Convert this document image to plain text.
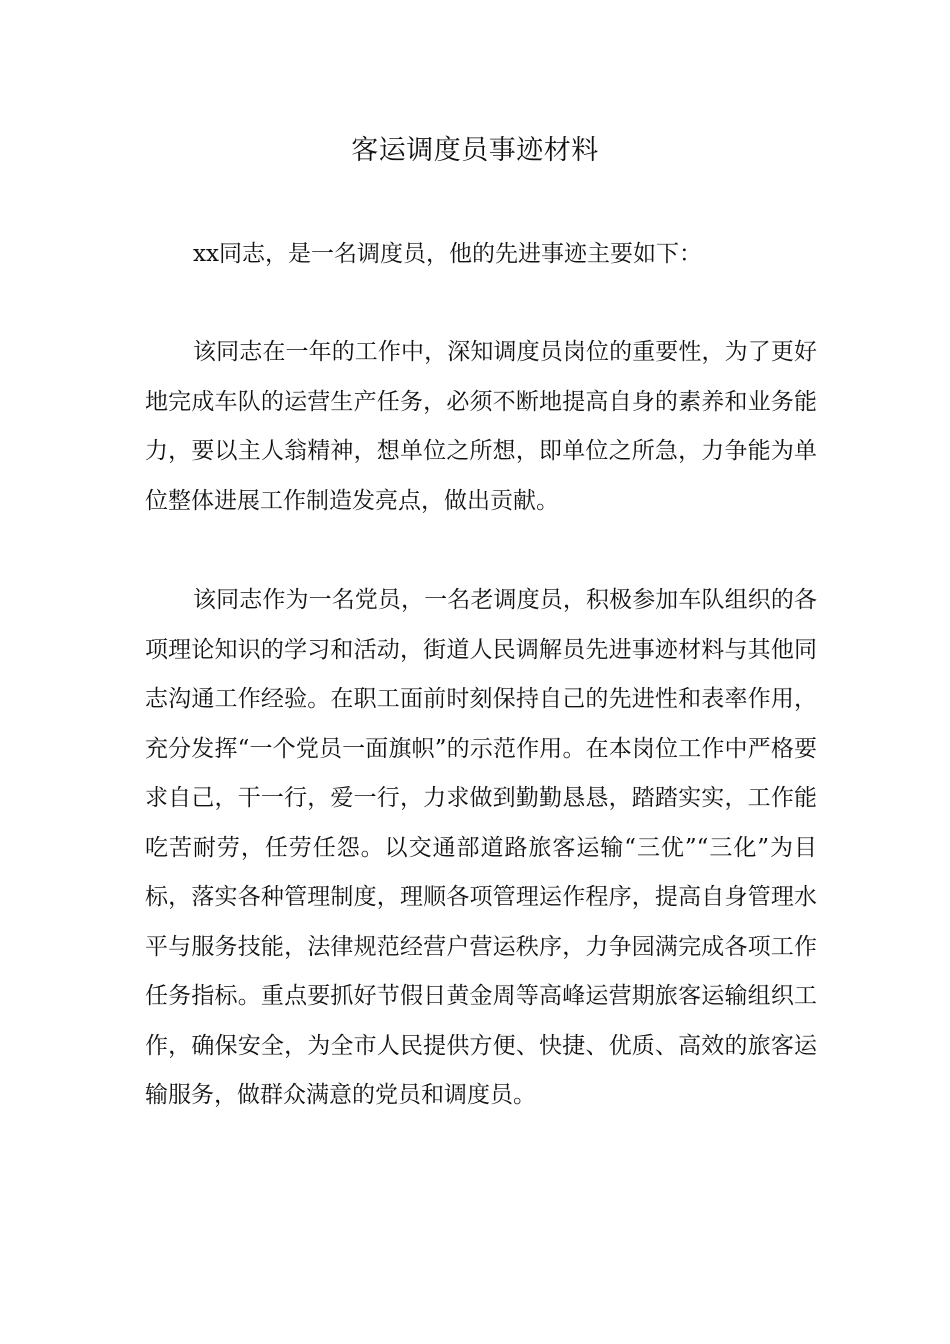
客运调度员事迹材料

xx同志，是一名调度员，他的先进事迹主要如下：

该同志在一年的工作中，深知调度员岗位的重要性，为了更好地完成车队的运营生产任务，必须不断地提高自身的素养和业务能力，要以主人翁精神，想单位之所想，即单位之所急，力争能为单位整体进展工作制造发亮点，做出贡献。

该同志作为一名党员，一名老调度员，积极参加车队组织的各项理论知识的学习和活动，街道人民调解员先进事迹材料与其他同志沟通工作经验。在职工面前时刻保持自己的先进性和表率作用，充分发挥“一个党员一面旗帜”的示范作用。在本岗位工作中严格要求自己，干一行，爱一行，力求做到勤勤恳恳，踏踏实实，工作能吃苦耐劳，任劳任怨。以交通部道路旅客运输“三优”“三化”为目标，落实各种管理制度，理顺各项管理运作程序，提高自身管理水平与服务技能，法律规范经营户营运秩序，力争园满完成各项工作任务指标。重点要抓好节假日黄金周等高峰运营期旅客运输组织工作，确保安全，为全市人民提供方便、快捷、优质、高效的旅客运输服务，做群众满意的党员和调度员。
